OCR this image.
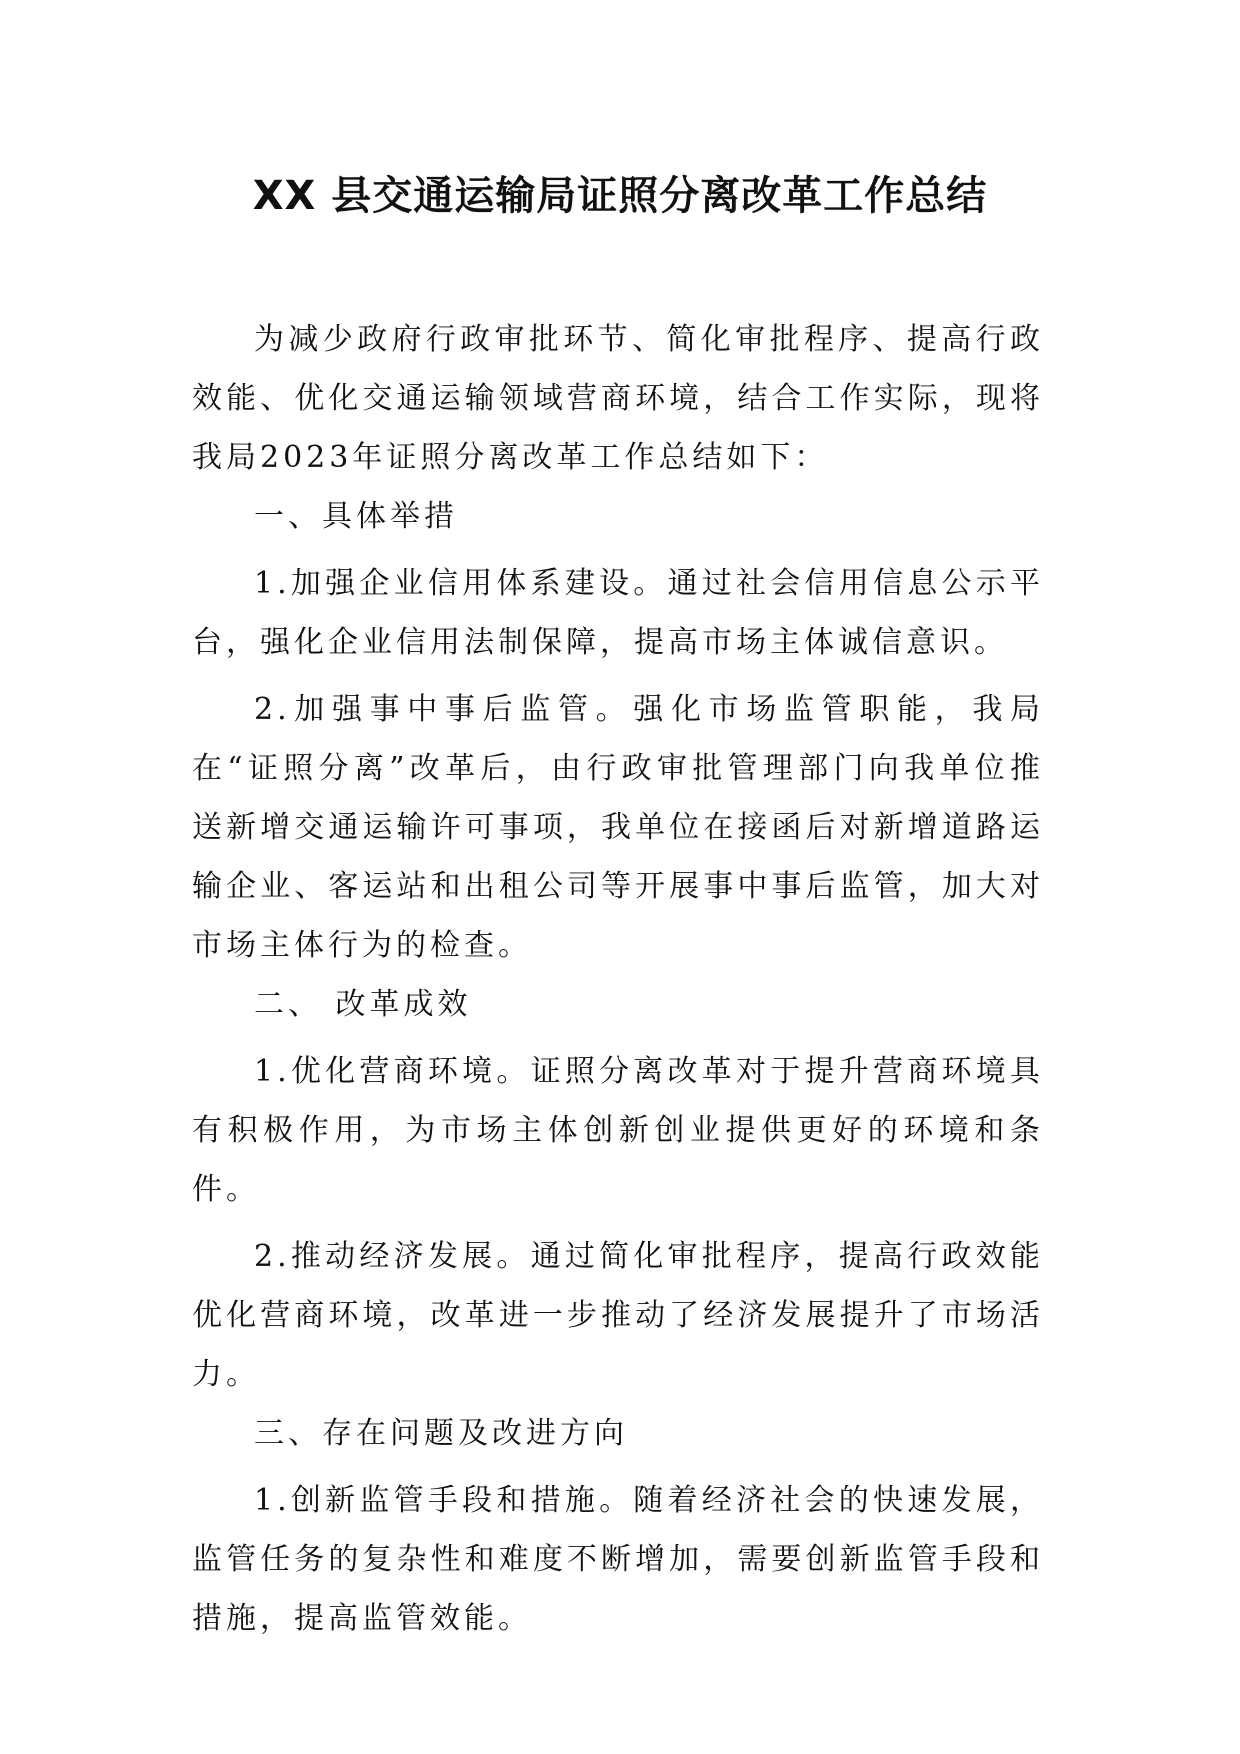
XX 县交通运输局证照分离改革工作总结

为减少政府行政审批环节、简化审批程序、提高行政效能、优化交通运输领域营商环境，结合工作实际，现将我局2023年证照分离改革工作总结如下：

一、具体举措

1.加强企业信用体系建设。通过社会信用信息公示平台，强化企业信用法制保障，提高市场主体诚信意识。

2.加强事中事后监管。强化市场监管职能，我局在“证照分离”改革后，由行政审批管理部门向我单位推送新增交通运输许可事项，我单位在接函后对新增道路运输企业、客运站和出租公司等开展事中事后监管，加大对市场主体行为的检查。

二、 改革成效

1.优化营商环境。证照分离改革对于提升营商环境具有积极作用，为市场主体创新创业提供更好的环境和条件。

2.推动经济发展。通过简化审批程序，提高行政效能优化营商环境，改革进一步推动了经济发展提升了市场活力。

三、存在问题及改进方向

1.创新监管手段和措施。随着经济社会的快速发展，监管任务的复杂性和难度不断增加，需要创新监管手段和措施，提高监管效能。
